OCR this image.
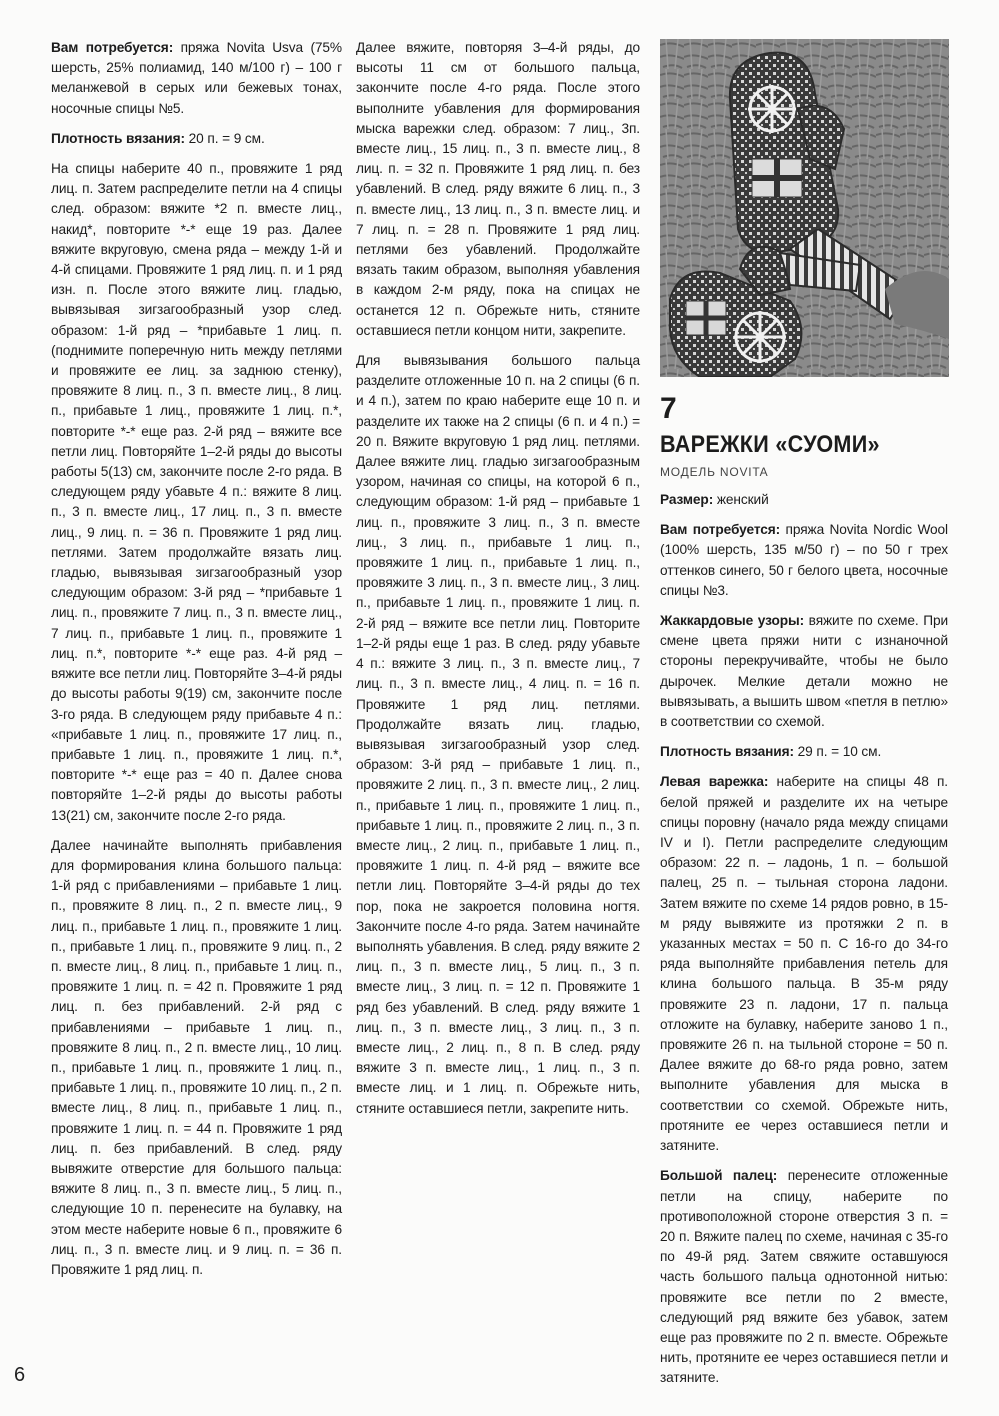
Вам потребуется: пряжа Novita Usva (75% шерсть, 25% полиамид, 140 м/100 г) – 100 г меланжевой в серых или бежевых тонах, носочные спицы №5.

Плотность вязания: 20 п. = 9 см.

На спицы наберите 40 п., провяжите 1 ряд лиц. п. Затем распределите петли на 4 спицы след. образом: вяжите *2 п. вместе лиц., накид*, повторите *-* еще 19 раз. Далее вяжите вкруговую, смена ряда – между 1-й и 4-й спицами. Провяжите 1 ряд лиц. п. и 1 ряд изн. п. После этого вяжите лиц. гладью, вывязывая зигзагообразный узор след. образом: 1-й ряд – *прибавьте 1 лиц. п. (поднимите поперечную нить между петлями и провяжите ее лиц. за заднюю стенку), провяжите 8 лиц. п., 3 п. вместе лиц., 8 лиц. п., прибавьте 1 лиц., провяжите 1 лиц. п.*, повторите *-* еще раз. 2-й ряд – вяжите все петли лиц. Повторяйте 1–2-й ряды до высоты работы 5(13) см, закончите после 2-го ряда. В следующем ряду убавьте 4 п.: вяжите 8 лиц. п., 3 п. вместе лиц., 17 лиц. п., 3 п. вместе лиц., 9 лиц. п. = 36 п. Провяжите 1 ряд лиц. петлями. Затем продолжайте вязать лиц. гладью, вывязывая зигзагообразный узор следующим образом: 3-й ряд – *прибавьте 1 лиц. п., провяжите 7 лиц. п., 3 п. вместе лиц., 7 лиц. п., прибавьте 1 лиц. п., провяжите 1 лиц. п.*, повторите *-* еще раз. 4-й ряд – вяжите все петли лиц. Повторяйте 3–4-й ряды до высоты работы 9(19) см, закончите после 3-го ряда. В следующем ряду прибавьте 4 п.: «прибавьте 1 лиц. п., провяжите 17 лиц. п., прибавьте 1 лиц. п., провяжите 1 лиц. п.*, повторите *-* еще раз = 40 п. Далее снова повторяйте 1–2-й ряды до высоты работы 13(21) см, закончите после 2-го ряда.

Далее начинайте выполнять прибавления для формирования клина большого пальца: 1-й ряд с прибавлениями – прибавьте 1 лиц. п., провяжите 8 лиц. п., 2 п. вместе лиц., 9 лиц. п., прибавьте 1 лиц. п., провяжите 1 лиц. п., прибавьте 1 лиц. п., провяжите 9 лиц. п., 2 п. вместе лиц., 8 лиц. п., прибавьте 1 лиц. п., провяжите 1 лиц. п. = 42 п. Провяжите 1 ряд лиц. п. без прибавлений. 2-й ряд с прибавлениями – прибавьте 1 лиц. п., провяжите 8 лиц. п., 2 п. вместе лиц., 10 лиц. п., прибавьте 1 лиц. п., провяжите 1 лиц. п., прибавьте 1 лиц. п., провяжите 10 лиц. п., 2 п. вместе лиц., 8 лиц. п., прибавьте 1 лиц. п., провяжите 1 лиц. п. = 44 п. Провяжите 1 ряд лиц. п. без прибавлений. В след. ряду вывяжите отверстие для большого пальца: вяжите 8 лиц. п., 3 п. вместе лиц., 5 лиц. п., следующие 10 п. перенесите на булавку, на этом месте наберите новые 6 п., провяжите 6 лиц. п., 3 п. вместе лиц. и 9 лиц. п. = 36 п. Провяжите 1 ряд лиц. п.

Далее вяжите, повторяя 3–4-й ряды, до высоты 11 см от большого пальца, закончите после 4-го ряда. После этого выполните убавления для формирования мыска варежки след. образом: 7 лиц., 3п. вместе лиц., 15 лиц. п., 3 п. вместе лиц., 8 лиц. п. = 32 п. Провяжите 1 ряд лиц. п. без убавлений. В след. ряду вяжите 6 лиц. п., 3 п. вместе лиц., 13 лиц. п., 3 п. вместе лиц. и 7 лиц. п. = 28 п. Провяжите 1 ряд лиц. петлями без убавлений. Продолжайте вязать таким образом, выполняя убавления в каждом 2-м ряду, пока на спицах не останется 12 п. Обрежьте нить, стяните оставшиеся петли концом нити, закрепите.

Для вывязывания большого пальца разделите отложенные 10 п. на 2 спицы (6 п. и 4 п.), затем по краю наберите еще 10 п. и разделите их также на 2 спицы (6 п. и 4 п.) = 20 п. Вяжите вкруговую 1 ряд лиц. петлями. Далее вяжите лиц. гладью зигзагообразным узором, начиная со спицы, на которой 6 п., следующим образом: 1-й ряд – прибавьте 1 лиц. п., провяжите 3 лиц. п., 3 п. вместе лиц., 3 лиц. п., прибавьте 1 лиц. п., провяжите 1 лиц. п., прибавьте 1 лиц. п., провяжите 3 лиц. п., 3 п. вместе лиц., 3 лиц. п., прибавьте 1 лиц. п., провяжите 1 лиц. п. 2-й ряд – вяжите все петли лиц. Повторите 1–2-й ряды еще 1 раз. В след. ряду убавьте 4 п.: вяжите 3 лиц. п., 3 п. вместе лиц., 7 лиц. п., 3 п. вместе лиц., 4 лиц. п. = 16 п. Провяжите 1 ряд лиц. петлями. Продолжайте вязать лиц. гладью, вывязывая зигзагообразный узор след. образом: 3-й ряд – прибавьте 1 лиц. п., провяжите 2 лиц. п., 3 п. вместе лиц., 2 лиц. п., прибавьте 1 лиц. п., провяжите 1 лиц. п., прибавьте 1 лиц. п., провяжите 2 лиц. п., 3 п. вместе лиц., 2 лиц. п., прибавьте 1 лиц. п., провяжите 1 лиц. п. 4-й ряд – вяжите все петли лиц. Повторяйте 3–4-й ряды до тех пор, пока не закроется половина ногтя. Закончите после 4-го ряда. Затем начинайте выполнять убавления. В след. ряду вяжите 2 лиц. п., 3 п. вместе лиц., 5 лиц. п., 3 п. вместе лиц., 3 лиц. п. = 12 п. Провяжите 1 ряд без убавлений. В след. ряду вяжите 1 лиц. п., 3 п. вместе лиц., 3 лиц. п., 3 п. вместе лиц., 2 лиц. п., 8 п. В след. ряду вяжите 3 п. вместе лиц., 1 лиц. п., 3 п. вместе лиц. и 1 лиц. п. Обрежьте нить, стяните оставшиеся петли, закрепите нить.

7
ВАРЕЖКИ «СУОМИ»
МОДЕЛЬ NOVITA

Размер: женский

Вам потребуется: пряжа Novita Nordic Wool (100% шерсть, 135 м/50 г) – по 50 г трех оттенков синего, 50 г белого цвета, носочные спицы №3.

Жаккардовые узоры: вяжите по схеме. При смене цвета пряжи нити с изнаночной стороны перекручивайте, чтобы не было дырочек. Мелкие детали можно не вывязывать, а вышить швом «петля в петлю» в соответствии со схемой.

Плотность вязания: 29 п. = 10 см.

Левая варежка: наберите на спицы 48 п. белой пряжей и разделите их на четыре спицы поровну (начало ряда между спицами IV и I). Петли распределите следующим образом: 22 п. – ладонь, 1 п. – большой палец, 25 п. – тыльная сторона ладони. Затем вяжите по схеме 14 рядов ровно, в 15-м ряду вывяжите из протяжки 2 п. в указанных местах = 50 п. С 16-го до 34-го ряда выполняйте прибавления петель для клина большого пальца. В 35-м ряду провяжите 23 п. ладони, 17 п. пальца отложите на булавку, наберите заново 1 п., провяжите 26 п. на тыльной стороне = 50 п. Далее вяжите до 68-го ряда ровно, затем выполните убавления для мыска в соответствии со схемой. Обрежьте нить, протяните ее через оставшиеся петли и затяните.

Большой палец: перенесите отложенные петли на спицу, наберите по противоположной стороне отверстия 3 п. = 20 п. Вяжите палец по схеме, начиная с 35-го по 49-й ряд. Затем свяжите оставшуюся часть большого пальца однотонной нитью: провяжите все петли по 2 вместе, следующий ряд вяжите без убавок, затем еще раз провяжите по 2 п. вместе. Обрежьте нить, протяните ее через оставшиеся петли и затяните.

6
